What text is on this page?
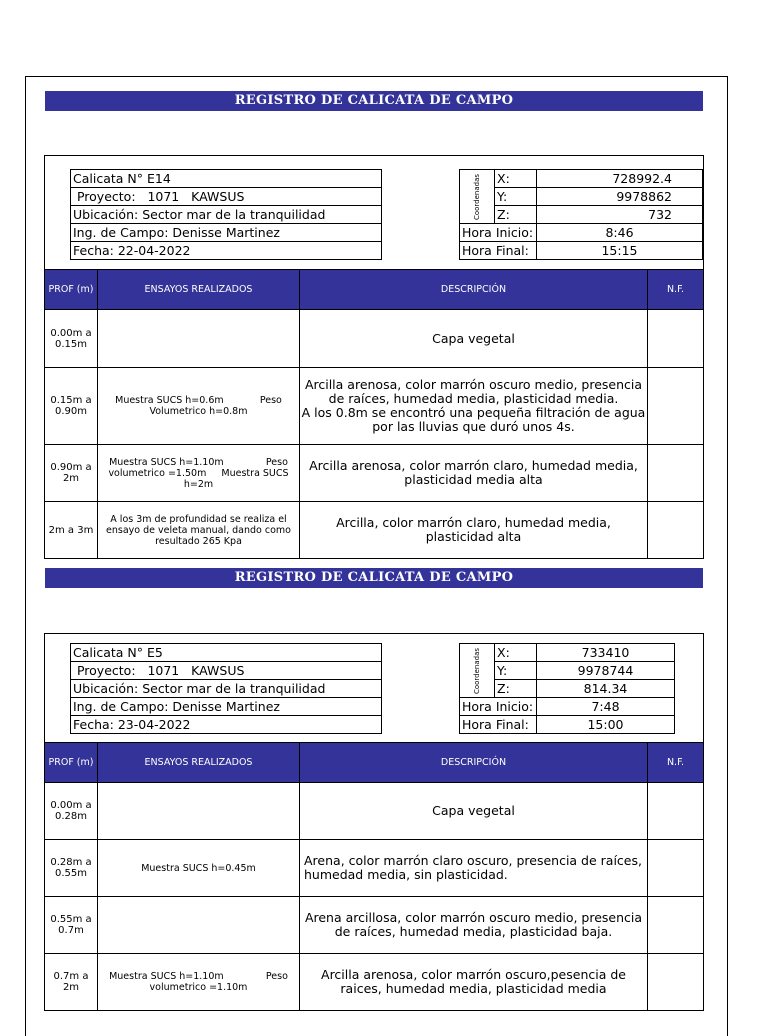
REGISTRO DE CALICATA DE CAMPO
Calicata N° E14
Proyecto:   1071   KAWSUS
Ubicación: Sector mar de la tranquilidad
Ing. de Campo: Denisse Martinez
Fecha: 22-04-2022
Coordenadas	X:	728992.4
	Y:	9978862
	Z:	732
Hora Inicio:		8:46
Hora Final:		15:15
PROF (m)	ENSAYOS REALIZADOS	DESCRIPCIÓN	N.F.
0.00m a 0.15m		Capa vegetal	
0.15m a 0.90m	Muestra SUCS h=0.6m            Peso Volumetrico h=0.8m	Arcilla arenosa, color marrón oscuro medio, presencia de raíces, humedad media, plasticidad media.                                   A los 0.8m se encontró una pequeña filtración de agua por las lluvias que duró unos 4s.	
0.90m a 2m	Muestra SUCS h=1.10m              Peso volumetrico =1.50m     Muestra SUCS h=2m	Arcilla arenosa, color marrón claro, humedad media, plasticidad media alta	
2m a 3m	A los 3m de profundidad se realiza el ensayo de veleta manual, dando como resultado 265 Kpa	Arcilla, color marrón claro, humedad media, plasticidad alta	
REGISTRO DE CALICATA DE CAMPO
Calicata N° E5
Proyecto:   1071   KAWSUS
Ubicación: Sector mar de la tranquilidad
Ing. de Campo: Denisse Martinez
Fecha: 23-04-2022
Coordenadas	X:	733410
	Y:	9978744
	Z:	814.34
Hora Inicio:		7:48
Hora Final:		15:00
PROF (m)	ENSAYOS REALIZADOS	DESCRIPCIÓN	N.F.
0.00m a 0.28m		Capa vegetal	
0.28m a 0.55m	Muestra SUCS h=0.45m	Arena, color marrón claro oscuro, presencia de raíces, humedad media, sin plasticidad.	
0.55m a 0.7m		Arena arcillosa, color marrón oscuro medio, presencia de raíces, humedad media, plasticidad baja.	
0.7m a 2m	Muestra SUCS h=1.10m              Peso volumetrico =1.10m	Arcilla arenosa, color marrón oscuro,pesencia de raices, humedad media, plasticidad media	
